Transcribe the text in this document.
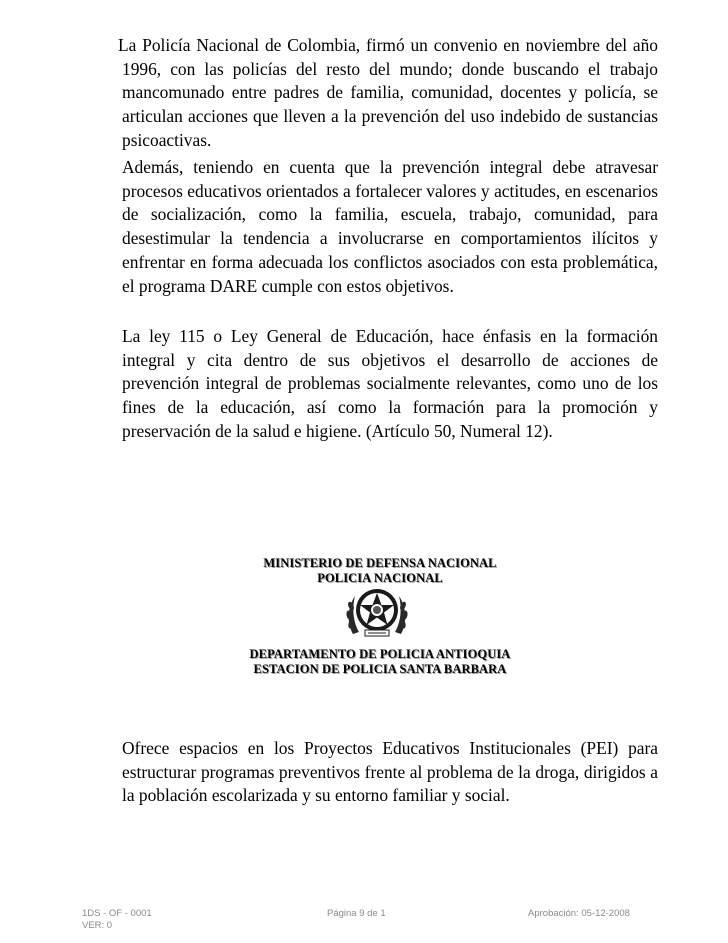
La Policía Nacional de Colombia, firmó un convenio en noviembre del año 1996, con las policías del resto del mundo; donde buscando el trabajo mancomunado entre padres de familia, comunidad, docentes y policía, se articulan acciones que lleven a la prevención del uso indebido de sustancias psicoactivas.

Además, teniendo en cuenta que la prevención integral debe atravesar procesos educativos orientados a fortalecer valores y actitudes, en escenarios de socialización, como la familia, escuela, trabajo, comunidad, para desestimular la tendencia a involucrarse en comportamientos ilícitos y enfrentar en forma adecuada los conflictos asociados con esta problemática, el programa DARE cumple con estos objetivos.

La ley 115 o Ley General de Educación, hace énfasis en la formación integral y cita dentro de sus objetivos el desarrollo de acciones de prevención integral de problemas socialmente relevantes, como uno de los fines de la educación, así como la formación para la promoción y preservación de la salud e higiene. (Artículo 50, Numeral 12).

MINISTERIO DE DEFENSA NACIONAL
POLICIA NACIONAL
DEPARTAMENTO DE POLICIA ANTIOQUIA
ESTACION DE POLICIA SANTA BARBARA

Ofrece espacios en los Proyectos Educativos Institucionales (PEI) para estructurar programas preventivos frente al problema de la droga, dirigidos a la población escolarizada y su entorno familiar y social.

1DS - OF - 0001
VER: 0
Página 9 de 1	Aprobación: 05-12-2008
